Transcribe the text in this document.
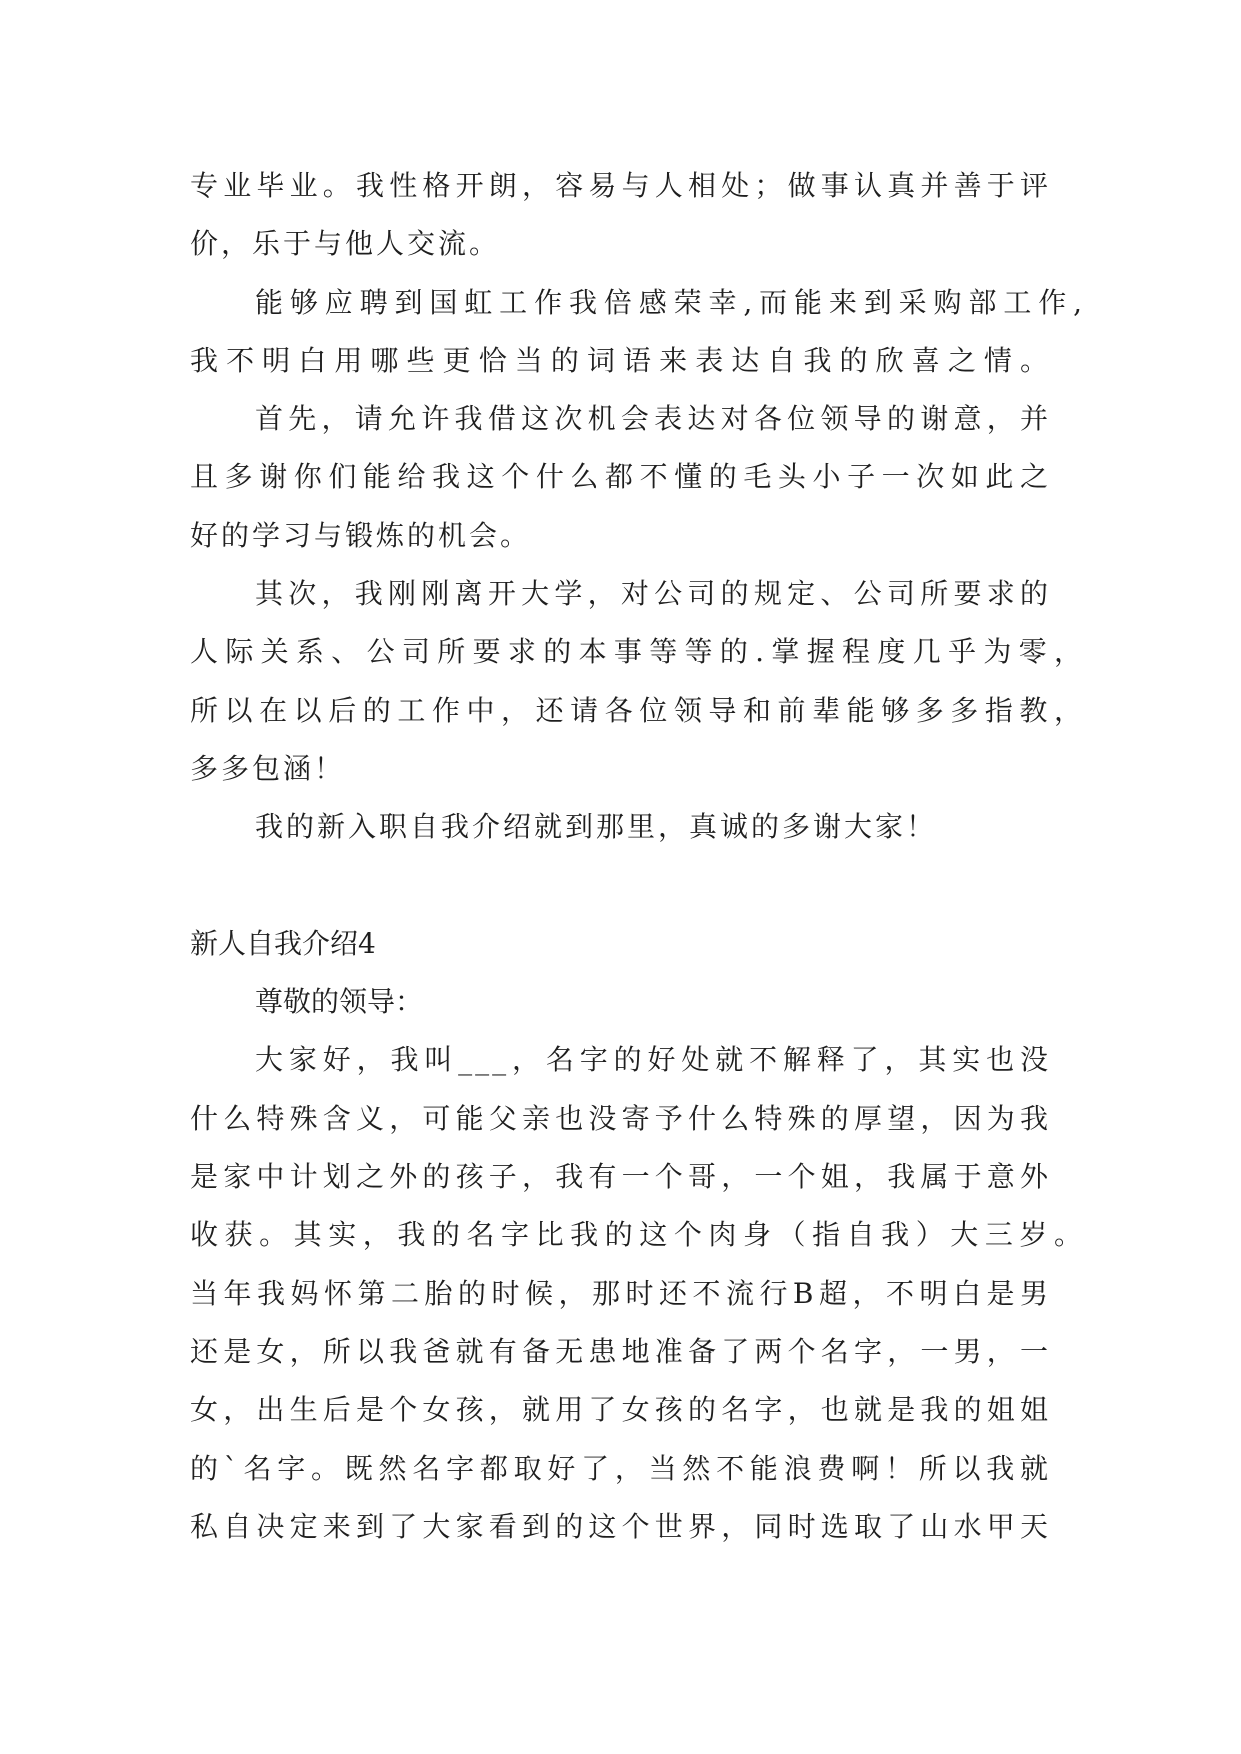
专业毕业。我性格开朗，容易与人相处；做事认真并善于评
价，乐于与他人交流。
能够应聘到国虹工作我倍感荣幸,而能来到采购部工作,
我不明白用哪些更恰当的词语来表达自我的欣喜之情。
首先，请允许我借这次机会表达对各位领导的谢意，并
且多谢你们能给我这个什么都不懂的毛头小子一次如此之
好的学习与锻炼的机会。
其次，我刚刚离开大学，对公司的规定、公司所要求的
人际关系、公司所要求的本事等等的.掌握程度几乎为零，
所以在以后的工作中，还请各位领导和前辈能够多多指教，
多多包涵！
我的新入职自我介绍就到那里，真诚的多谢大家！
新人自我介绍4
尊敬的领导：
大家好，我叫___，名字的好处就不解释了，其实也没
什么特殊含义，可能父亲也没寄予什么特殊的厚望，因为我
是家中计划之外的孩子，我有一个哥，一个姐，我属于意外
收获。其实，我的名字比我的这个肉身（指自我）大三岁。
当年我妈怀第二胎的时候，那时还不流行B超，不明白是男
还是女，所以我爸就有备无患地准备了两个名字，一男，一
女，出生后是个女孩，就用了女孩的名字，也就是我的姐姐
的`名字。既然名字都取好了，当然不能浪费啊！所以我就
私自决定来到了大家看到的这个世界，同时选取了山水甲天
